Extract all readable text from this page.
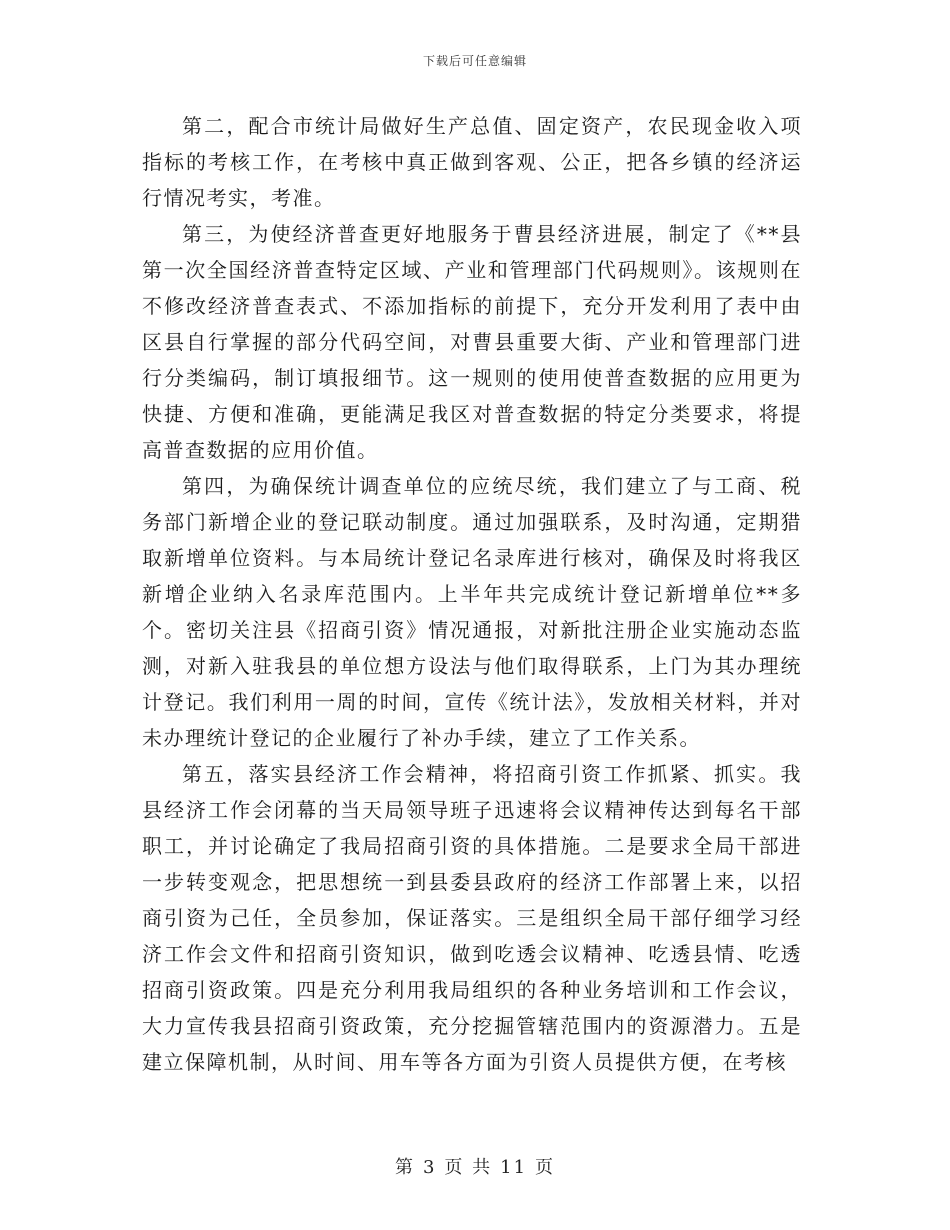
下载后可任意编辑

第二，配合市统计局做好生产总值、固定资产，农民现金收入项指标的考核工作，在考核中真正做到客观、公正，把各乡镇的经济运行情况考实，考准。

第三，为使经济普查更好地服务于曹县经济进展，制定了《**县第一次全国经济普查特定区域、产业和管理部门代码规则》。该规则在不修改经济普查表式、不添加指标的前提下，充分开发利用了表中由区县自行掌握的部分代码空间，对曹县重要大街、产业和管理部门进行分类编码，制订填报细节。这一规则的使用使普查数据的应用更为快捷、方便和准确，更能满足我区对普查数据的特定分类要求，将提高普查数据的应用价值。

第四，为确保统计调查单位的应统尽统，我们建立了与工商、税务部门新增企业的登记联动制度。通过加强联系，及时沟通，定期猎取新增单位资料。与本局统计登记名录库进行核对，确保及时将我区新增企业纳入名录库范围内。上半年共完成统计登记新增单位**多个。密切关注县《招商引资》情况通报，对新批注册企业实施动态监测，对新入驻我县的单位想方设法与他们取得联系，上门为其办理统计登记。我们利用一周的时间，宣传《统计法》，发放相关材料，并对未办理统计登记的企业履行了补办手续，建立了工作关系。

第五，落实县经济工作会精神，将招商引资工作抓紧、抓实。我县经济工作会闭幕的当天局领导班子迅速将会议精神传达到每名干部职工，并讨论确定了我局招商引资的具体措施。二是要求全局干部进一步转变观念，把思想统一到县委县政府的经济工作部署上来，以招商引资为己任，全员参加，保证落实。三是组织全局干部仔细学习经济工作会文件和招商引资知识，做到吃透会议精神、吃透县情、吃透招商引资政策。四是充分利用我局组织的各种业务培训和工作会议，大力宣传我县招商引资政策，充分挖掘管辖范围内的资源潜力。五是建立保障机制，从时间、用车等各方面为引资人员提供方便，在考核

第 3 页 共 11 页
